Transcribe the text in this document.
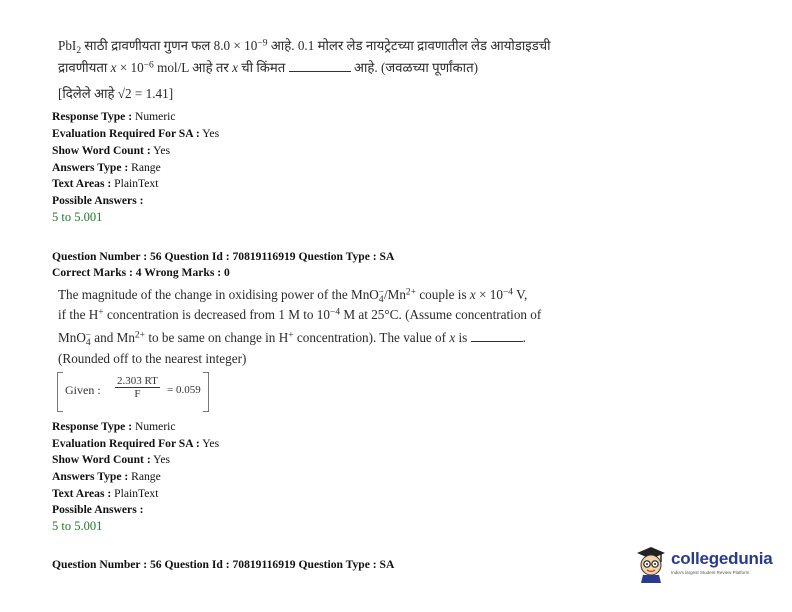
PbI$_2$ साठी द्रावणीयता गुणन फल $8.0 \times 10^{-9}$ आहे. 0.1 मोलर लेड नायट्रेटच्या द्रावणातील लेड आयोडाइडची
द्रावणीयता $x \times 10^{-6}$ mol/L आहे तर x ची किंमत	आहे. (जवळच्या पूर्णांकात)
[दिलेले आहे √2 = 1.41]
Response Type : Numeric
Evaluation Required For SA : Yes
Show Word Count : Yes
Answers Type : Range
Text Areas : PlainText
Possible Answers :
5 to 5.001
Question Number : 56 Question Id : 70819116919 Question Type : SA
Correct Marks : 4 Wrong Marks : 0
The magnitude of the change in oxidising power of the $MnO_4^-/Mn^{2+}$ couple is $x \times 10^{-4}$ V,
if the H+ concentration is decreased from 1 M to $10^{-4}$ M at 25°C. (Assume concentration of
MnO$_4$− and $Mn^{2+}$ to be same on change in H+ concentration). The value of x is	.
(Rounded off to the nearest integer)
Given : $\frac{2.303 RT}{F} = 0.059$
Response Type : Numeric
Evaluation Required For SA : Yes
Show Word Count : Yes
Answers Type : Range
Text Areas : PlainText
Possible Answers :
5 to 5.001
Question Number : 56 Question Id : 70819116919 Question Type : SA	collegedunia
India's largest Student Review Platform
